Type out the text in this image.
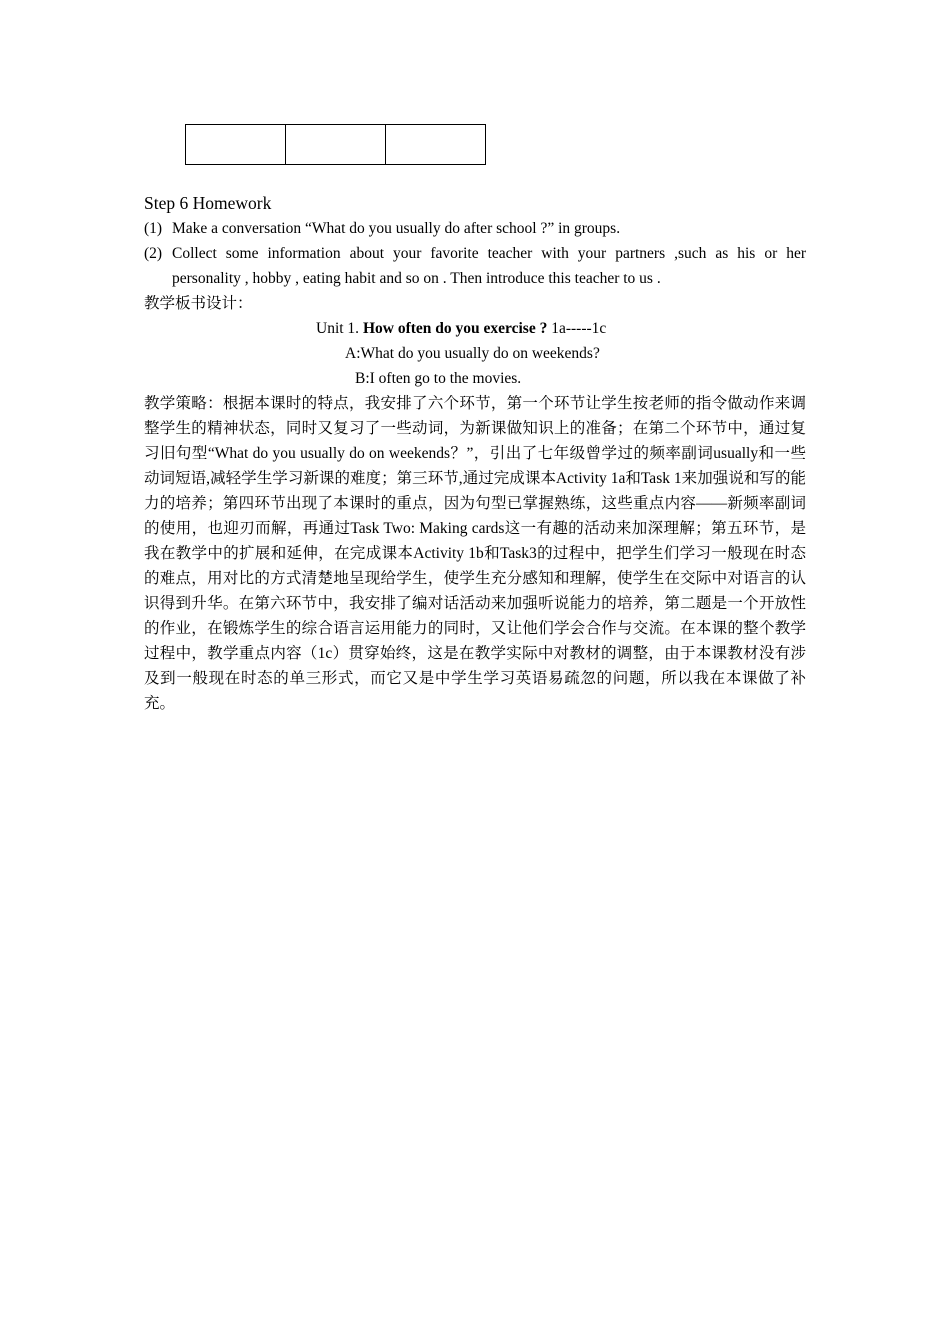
Step 6 Homework
(1) Make a conversation “What do you usually do after school ?” in groups.
(2) Collect some information about your favorite teacher with your partners ,such as his or her personality , hobby , eating habit and so on . Then introduce this teacher to us .

教学板书设计：

Unit 1. How often do you exercise ? 1a-----1c

A:What do you usually do on weekends?

B:I often go to the movies.

教学策略：根据本课时的特点，我安排了六个环节，第一个环节让学生按老师的指令做动作来调整学生的精神状态，同时又复习了一些动词，为新课做知识上的准备；在第二个环节中，通过复习旧句型“What do you usually do on weekends？”，引出了七年级曾学过的频率副词usually和一些动词短语,减轻学生学习新课的难度；第三环节,通过完成课本Activity 1a和Task 1来加强说和写的能力的培养；第四环节出现了本课时的重点，因为句型已掌握熟练，这些重点内容——新频率副词的使用，也迎刃而解，再通过Task Two: Making cards这一有趣的活动来加深理解；第五环节，是我在教学中的扩展和延伸，在完成课本Activity 1b和Task3的过程中，把学生们学习一般现在时态的难点，用对比的方式清楚地呈现给学生，使学生充分感知和理解，使学生在交际中对语言的认识得到升华。在第六环节中，我安排了编对话活动来加强听说能力的培养，第二题是一个开放性的作业，在锻炼学生的综合语言运用能力的同时，又让他们学会合作与交流。在本课的整个教学过程中，教学重点内容（1c）贯穿始终，这是在教学实际中对教材的调整，由于本课教材没有涉及到一般现在时态的单三形式，而它又是中学生学习英语易疏忽的问题，所以我在本课做了补充。
